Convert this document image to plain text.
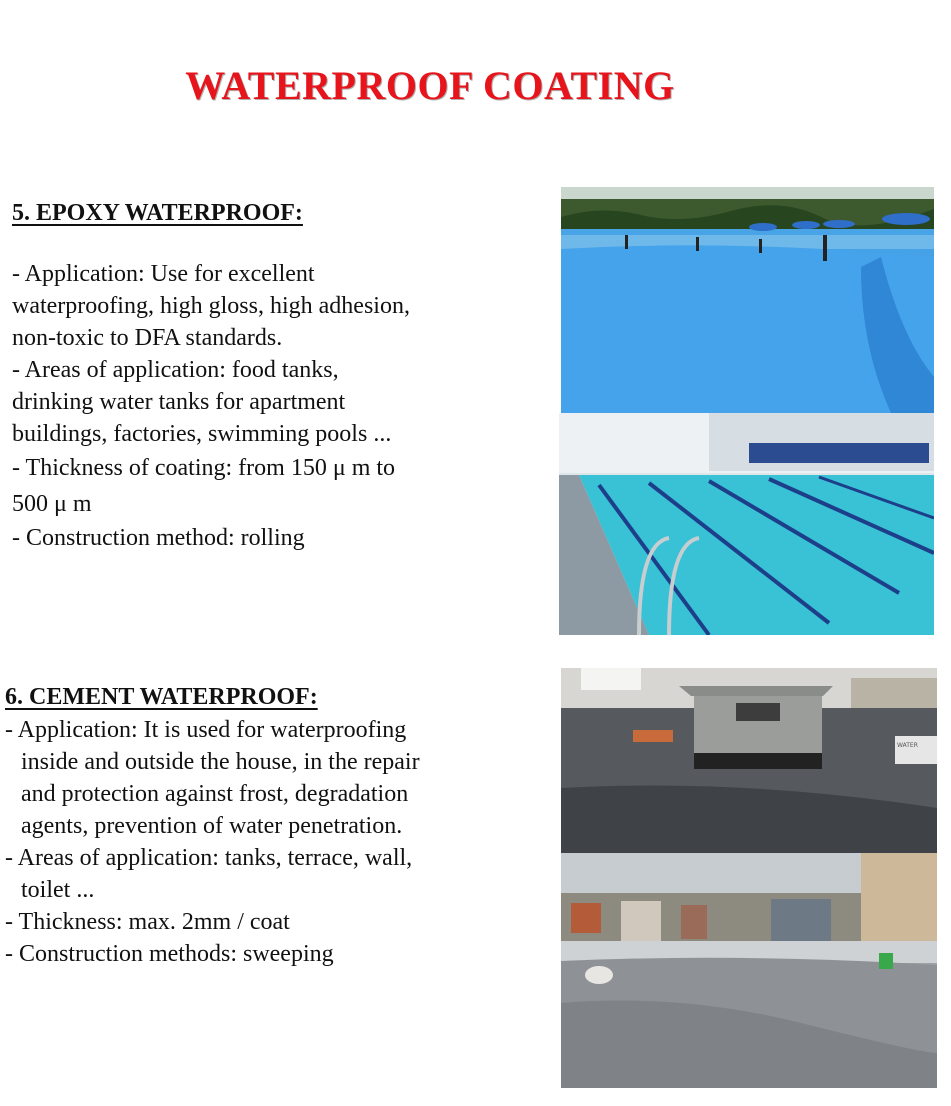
WATERPROOF COATING
5. EPOXY WATERPROOF:
- Application: Use for excellent
waterproofing, high gloss, high adhesion,
non-toxic to DFA standards.
- Areas of application: food tanks,
drinking water tanks for apartment
buildings, factories, swimming pools ...
- Thickness of coating: from 150 μ m to
500 μ m
- Construction method: rolling
6. CEMENT WATERPROOF:
- Application: It is used for waterproofing
inside and outside the house, in the repair
and protection against frost, degradation
agents, prevention of water penetration.
- Areas of application: tanks, terrace, wall,
toilet ...
- Thickness: max. 2mm / coat
- Construction methods: sweeping
WATER
